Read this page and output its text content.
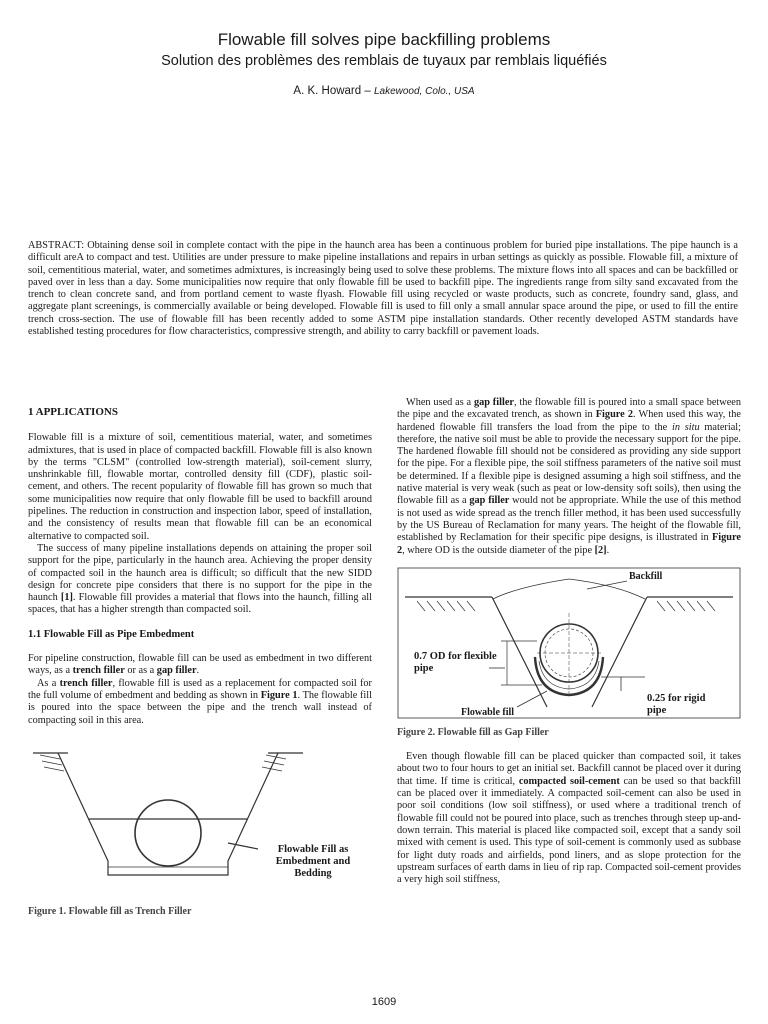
Flowable fill solves pipe backfilling problems
Solution des problèmes des remblais de tuyaux par remblais liquéfiés
A. K. Howard – Lakewood, Colo., USA
ABSTRACT: Obtaining dense soil in complete contact with the pipe in the haunch area has been a continuous problem for buried pipe installations. The pipe haunch is a difficult areA to compact and test. Utilities are under pressure to make pipeline installations and repairs in urban settings as quickly as possible. Flowable fill, a mixture of soil, cementitious material, water, and sometimes admixtures, is increasingly being used to solve these problems. The mixture flows into all spaces and can be backfilled or paved over in less than a day. Some municipalities now require that only flowable fill be used to backfill pipe. The ingredients range from silty sand excavated from the trench to clean concrete sand, and from portland cement to waste flyash. Flowable fill using recycled or waste products, such as concrete, foundry sand, glass, and aggregate plant screenings, is commercially available or being developed. Flowable fill is used to fill only a small annular space around the pipe, or used to fill the entire trench cross-section. The use of flowable fill has been recently added to some ASTM pipe installation standards. Other recently developed ASTM standards have established testing procedures for flow characteristics, compressive strength, and ability to carry backfill or pavement loads.
1 APPLICATIONS

Flowable fill is a mixture of soil, cementitious material, water, and sometimes admixtures, that is used in place of compacted backfill. Flowable fill is also known by the terms "CLSM" (controlled low-strength material), soil-cement slurry, unshrinkable fill, flowable mortar, controlled density fill (CDF), plastic soil-cement, and others. The recent popularity of flowable fill has grown so much that some municipalities now require that only flowable fill be used to backfill around pipelines. The reduction in construction and inspection labor, speed of installation, and the consistency of results mean that flowable fill can be an economical alternative to compacted soil.

The success of many pipeline installations depends on attaining the proper soil support for the pipe, particularly in the haunch area. Achieving the proper density of compacted soil in the haunch area is difficult; so difficult that the new SIDD design for concrete pipe considers that there is no support for the pipe in the haunch [1]. Flowable fill provides a material that flows into the haunch, filling all spaces, that has a higher strength than compacted soil.

1.1 Flowable Fill as Pipe Embedment

For pipeline construction, flowable fill can be used as embedment in two different ways, as a trench filler or as a gap filler.

As a trench filler, flowable fill is used as a replacement for compacted soil for the full volume of embedment and bedding as shown in Figure 1. The flowable fill is poured into the space between the pipe and the trench wall instead of compacting soil in this area.

Flowable Fill as Embedment and Bedding
Figure 1. Flowable fill as Trench Filler

When used as a gap filler, the flowable fill is poured into a small space between the pipe and the excavated trench, as shown in Figure 2. When used this way, the hardened flowable fill transfers the load from the pipe to the in situ material; therefore, the native soil must be able to provide the necessary support for the pipe. The hardened flowable fill should not be considered as providing any side support for the pipe. For a flexible pipe, the soil stiffness parameters of the native soil must be determined. If a flexible pipe is designed assuming a high soil stiffness, and the native material is very weak (such as peat or low-density soft soils), then using the flowable fill as a gap filler would not be appropriate. While the use of this method is not used as wide spread as the trench filler method, it has been used successfully by the US Bureau of Reclamation for many years. The height of the flowable fill, established by Reclamation for their specific pipe designs, is illustrated in Figure 2, where OD is the outside diameter of the pipe [2].

Backfill
0.7 OD for flexible pipe
0.25 for rigid pipe
Flowable fill
Figure 2. Flowable fill as Gap Filler

Even though flowable fill can be placed quicker than compacted soil, it takes about two to four hours to get an initial set. Backfill cannot be placed over it during that time. If time is critical, compacted soil-cement can be used so that backfill can be placed over it immediately. A compacted soil-cement can also be used in poor soil conditions (low soil stiffness), or used where a traditional trench of flowable fill could not be poured into place, such as trenches through steep up-and-down terrain. This material is placed like compacted soil, except that a sandy soil mixed with cement is used. This type of soil-cement is commonly used as subbase for light duty roads and airfields, pond liners, and as slope protection for the upstream surfaces of earth dams in lieu of rip rap. Compacted soil-cement provides a very high soil stiffness,

1609
